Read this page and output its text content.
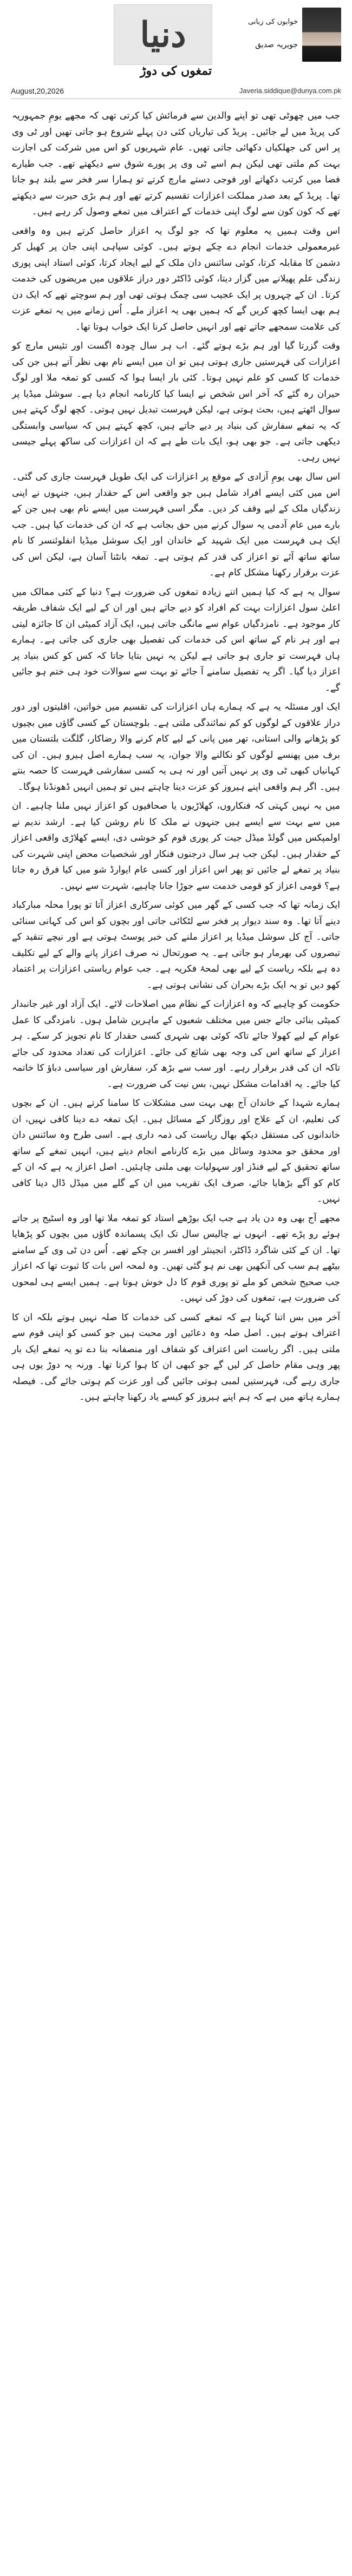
دنیا	خوابوں کی زبانی
جویریہ صدیق
تمغوں کی دوڑ
August,20,2026	Javeria.siddique@dunya.com.pk

جب میں چھوٹی تھی تو اپنے والدین سے فرمائش کیا کرتی تھی کہ مجھے یومِ جمہوریہ کی پریڈ میں لے جائیں۔ پریڈ کی تیاریاں کئی دن پہلے شروع ہو جاتی تھیں اور ٹی وی پر اس کی جھلکیاں دکھائی جاتی تھیں۔ عام شہریوں کو اس میں شرکت کی اجازت بہت کم ملتی تھی لیکن ہم اسے ٹی وی پر پورے شوق سے دیکھتے تھے۔ جب طیارے فضا میں کرتب دکھاتے اور فوجی دستے مارچ کرتے تو ہمارا سر فخر سے بلند ہو جاتا تھا۔ پریڈ کے بعد صدر مملکت اعزازات تقسیم کرتے تھے اور ہم بڑی حیرت سے دیکھتے تھے کہ کون کون سے لوگ اپنی خدمات کے اعتراف میں تمغے وصول کر رہے ہیں۔

اس وقت ہمیں یہ معلوم تھا کہ جو لوگ یہ اعزاز حاصل کرتے ہیں وہ واقعی غیرمعمولی خدمات انجام دے چکے ہوتے ہیں۔ کوئی سپاہی اپنی جان پر کھیل کر دشمن کا مقابلہ کرتا، کوئی سائنس دان ملک کے لیے ایجاد کرتا، کوئی استاد اپنی پوری زندگی علم پھیلانے میں گزار دیتا، کوئی ڈاکٹر دور دراز علاقوں میں مریضوں کی خدمت کرتا۔ ان کے چہروں پر ایک عجیب سی چمک ہوتی تھی اور ہم سوچتے تھے کہ ایک دن ہم بھی ایسا کچھ کریں گے کہ ہمیں بھی یہ اعزاز ملے۔ اُس زمانے میں یہ تمغے عزت کی علامت سمجھے جاتے تھے اور انہیں حاصل کرنا ایک خواب ہوتا تھا۔

وقت گزرتا گیا اور ہم بڑے ہوتے گئے۔ اب ہر سال چودہ اگست اور تئیس مارچ کو اعزازات کی فہرستیں جاری ہوتی ہیں تو ان میں ایسے نام بھی نظر آتے ہیں جن کی خدمات کا کسی کو علم نہیں ہوتا۔ کئی بار ایسا ہوا کہ کسی کو تمغہ ملا اور لوگ حیران رہ گئے کہ آخر اس شخص نے ایسا کیا کارنامہ انجام دیا ہے۔ سوشل میڈیا پر سوال اٹھتے ہیں، بحث ہوتی ہے، لیکن فہرست تبدیل نہیں ہوتی۔ کچھ لوگ کہتے ہیں کہ یہ تمغے سفارش کی بنیاد پر دیے جاتے ہیں، کچھ کہتے ہیں کہ سیاسی وابستگی دیکھی جاتی ہے۔ جو بھی ہو، ایک بات طے ہے کہ ان اعزازات کی ساکھ پہلے جیسی نہیں رہی۔

اس سال بھی یومِ آزادی کے موقع پر اعزازات کی ایک طویل فہرست جاری کی گئی۔ اس میں کئی ایسے افراد شامل ہیں جو واقعی اس کے حقدار ہیں، جنہوں نے اپنی زندگیاں ملک کے لیے وقف کر دیں۔ مگر اسی فہرست میں ایسے نام بھی ہیں جن کے بارے میں عام آدمی یہ سوال کرنے میں حق بجانب ہے کہ ان کی خدمات کیا ہیں۔ جب ایک ہی فہرست میں ایک شہید کے خاندان اور ایک سوشل میڈیا انفلوئنسر کا نام ساتھ ساتھ آئے تو اعزاز کی قدر کم ہوتی ہے۔ تمغہ بانٹنا آسان ہے، لیکن اس کی عزت برقرار رکھنا مشکل کام ہے۔

سوال یہ ہے کہ کیا ہمیں اتنے زیادہ تمغوں کی ضرورت ہے؟ دنیا کے کئی ممالک میں اعلیٰ سول اعزازات بہت کم افراد کو دیے جاتے ہیں اور ان کے لیے ایک شفاف طریقہ کار موجود ہے۔ نامزدگیاں عوام سے مانگی جاتی ہیں، ایک آزاد کمیٹی ان کا جائزہ لیتی ہے اور ہر نام کے ساتھ اس کی خدمات کی تفصیل بھی جاری کی جاتی ہے۔ ہمارے ہاں فہرست تو جاری ہو جاتی ہے لیکن یہ نہیں بتایا جاتا کہ کس کو کس بنیاد پر اعزاز دیا گیا۔ اگر یہ تفصیل سامنے آ جائے تو بہت سے سوالات خود ہی ختم ہو جائیں گے۔

ایک اور مسئلہ یہ ہے کہ ہمارے ہاں اعزازات کی تقسیم میں خواتین، اقلیتوں اور دور دراز علاقوں کے لوگوں کو کم نمائندگی ملتی ہے۔ بلوچستان کے کسی گاؤں میں بچیوں کو پڑھانے والی استانی، تھر میں پانی کے لیے کام کرنے والا رضاکار، گلگت بلتستان میں برف میں پھنسے لوگوں کو نکالنے والا جوان، یہ سب ہمارے اصل ہیرو ہیں۔ ان کی کہانیاں کبھی ٹی وی پر نہیں آتیں اور نہ ہی یہ کسی سفارشی فہرست کا حصہ بنتے ہیں۔ اگر ہم واقعی اپنے ہیروز کو عزت دینا چاہتے ہیں تو ہمیں انہیں ڈھونڈنا ہوگا۔

میں یہ نہیں کہتی کہ فنکاروں، کھلاڑیوں یا صحافیوں کو اعزاز نہیں ملنا چاہیے۔ ان میں سے بہت سے ایسے ہیں جنہوں نے ملک کا نام روشن کیا ہے۔ ارشد ندیم نے اولمپکس میں گولڈ میڈل جیت کر پوری قوم کو خوشی دی، ایسے کھلاڑی واقعی اعزاز کے حقدار ہیں۔ لیکن جب ہر سال درجنوں فنکار اور شخصیات محض اپنی شہرت کی بنیاد پر تمغے لے جائیں تو پھر اس اعزاز اور کسی عام ایوارڈ شو میں کیا فرق رہ جاتا ہے؟ قومی اعزاز کو قومی خدمت سے جوڑا جانا چاہیے، شہرت سے نہیں۔

ایک زمانہ تھا کہ جب کسی کے گھر میں کوئی سرکاری اعزاز آتا تو پورا محلہ مبارکباد دینے آتا تھا۔ وہ سند دیوار پر فخر سے لٹکائی جاتی اور بچوں کو اس کی کہانی سنائی جاتی۔ آج کل سوشل میڈیا پر اعزاز ملنے کی خبر پوسٹ ہوتی ہے اور نیچے تنقید کے تبصروں کی بھرمار ہو جاتی ہے۔ یہ صورتحال نہ صرف اعزاز پانے والے کے لیے تکلیف دہ ہے بلکہ ریاست کے لیے بھی لمحۂ فکریہ ہے۔ جب عوام ریاستی اعزازات پر اعتماد کھو دیں تو یہ ایک بڑے بحران کی نشانی ہوتی ہے۔

حکومت کو چاہیے کہ وہ اعزازات کے نظام میں اصلاحات لائے۔ ایک آزاد اور غیر جانبدار کمیٹی بنائی جائے جس میں مختلف شعبوں کے ماہرین شامل ہوں۔ نامزدگی کا عمل عوام کے لیے کھولا جائے تاکہ کوئی بھی شہری کسی حقدار کا نام تجویز کر سکے۔ ہر اعزاز کے ساتھ اس کی وجہ بھی شائع کی جائے۔ اعزازات کی تعداد محدود کی جائے تاکہ ان کی قدر برقرار رہے۔ اور سب سے بڑھ کر، سفارش اور سیاسی دباؤ کا خاتمہ کیا جائے۔ یہ اقدامات مشکل نہیں، بس نیت کی ضرورت ہے۔

ہمارے شہدا کے خاندان آج بھی بہت سی مشکلات کا سامنا کرتے ہیں۔ ان کے بچوں کی تعلیم، ان کے علاج اور روزگار کے مسائل ہیں۔ ایک تمغہ دے دینا کافی نہیں، ان خاندانوں کی مستقل دیکھ بھال ریاست کی ذمہ داری ہے۔ اسی طرح وہ سائنس دان اور محقق جو محدود وسائل میں بڑے کارنامے انجام دیتے ہیں، انہیں تمغے کے ساتھ ساتھ تحقیق کے لیے فنڈز اور سہولیات بھی ملنی چاہئیں۔ اصل اعزاز یہ ہے کہ ان کے کام کو آگے بڑھایا جائے، صرف ایک تقریب میں ان کے گلے میں میڈل ڈال دینا کافی نہیں۔

مجھے آج بھی وہ دن یاد ہے جب ایک بوڑھے استاد کو تمغہ ملا تھا اور وہ اسٹیج پر جاتے ہوئے رو پڑے تھے۔ انہوں نے چالیس سال تک ایک پسماندہ گاؤں میں بچوں کو پڑھایا تھا۔ ان کے کئی شاگرد ڈاکٹر، انجینئر اور افسر بن چکے تھے۔ اُس دن ٹی وی کے سامنے بیٹھے ہم سب کی آنکھیں بھی نم ہو گئی تھیں۔ وہ لمحہ اس بات کا ثبوت تھا کہ اعزاز جب صحیح شخص کو ملے تو پوری قوم کا دل خوش ہوتا ہے۔ ہمیں ایسے ہی لمحوں کی ضرورت ہے، تمغوں کی دوڑ کی نہیں۔

آخر میں بس اتنا کہنا ہے کہ تمغے کسی کی خدمات کا صلہ نہیں ہوتے بلکہ ان کا اعتراف ہوتے ہیں۔ اصل صلہ وہ دعائیں اور محبت ہیں جو کسی کو اپنی قوم سے ملتی ہیں۔ اگر ریاست اس اعتراف کو شفاف اور منصفانہ بنا دے تو یہ تمغے ایک بار پھر وہی مقام حاصل کر لیں گے جو کبھی ان کا ہوا کرتا تھا۔ ورنہ یہ دوڑ یوں ہی جاری رہے گی، فہرستیں لمبی ہوتی جائیں گی اور عزت کم ہوتی جائے گی۔ فیصلہ ہمارے ہاتھ میں ہے کہ ہم اپنے ہیروز کو کیسے یاد رکھنا چاہتے ہیں۔
